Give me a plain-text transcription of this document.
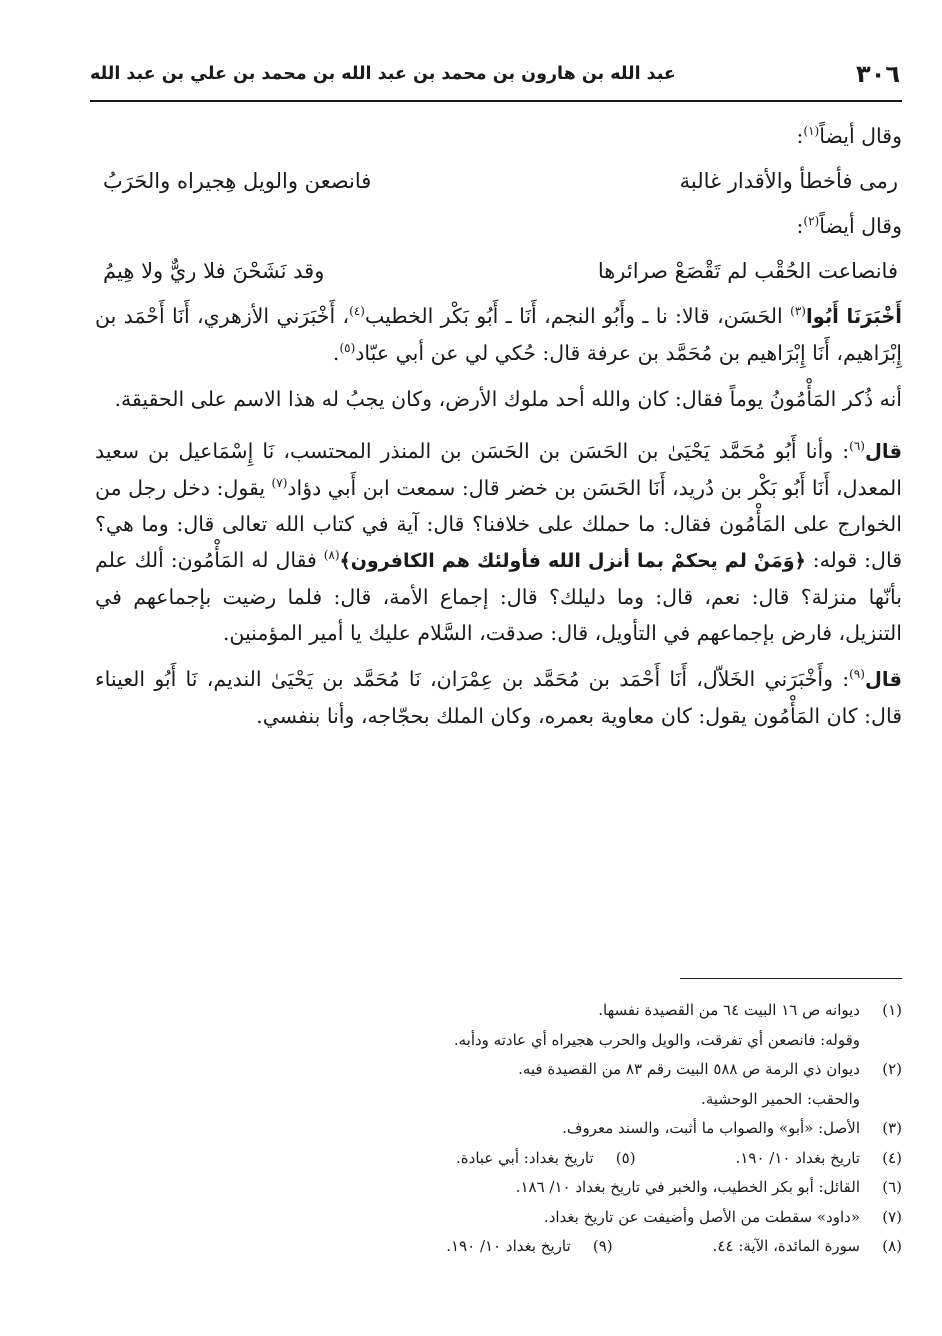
٣٠٦
عبد الله بن هارون بن محمد بن عبد الله بن محمد بن علي بن عبد الله

وقال أيضاً$^{(١)}$:

رمى فأخطأ والأقدار غالبة
فانصعن والويل هِجيراه والحَرَبُ

وقال أيضاً$^{(٢)}$:

فانصاعت الحُقْب لم تَقْصَعْ صرائرها
وقد نَشَحْنَ فلا ريٌّ ولا هِيمُ

أَخْبَرَنَا أَبُوا$^{(٣)}$ الحَسَن، قالا: نا ـ وأَبُو النجم، أَنَا ـ أَبُو بَكْر الخطيب$^{(٤)}$، أَخْبَرَني الأزهري، أَنَا أَحْمَد بن إِبْرَاهيم، أَنَا إِبْرَاهيم بن مُحَمَّد بن عرفة قال: حُكي لي عن أبي عبّاد$^{(٥)}$.

أنه ذُكر المَأْمُونُ يوماً فقال: كان والله أحد ملوك الأرض، وكان يجبُ له هذا الاسم على الحقيقة.

قال$^{(٦)}$: وأنا أَبُو مُحَمَّد يَحْيَىٰ بن الحَسَن بن الحَسَن بن المنذر المحتسب، نَا إِسْمَاعيل بن سعيد المعدل، أَنَا أَبُو بَكْر بن دُريد، أَنَا الحَسَن بن خضر قال: سمعت ابن أَبي دؤاد$^{(٧)}$ يقول: دخل رجل من الخوارج على المَأْمُون فقال: ما حملك على خلافنا؟ قال: آية في كتاب الله تعالى قال: وما هي؟ قال: قوله: ﴿وَمَنْ لم يحكمْ بما أنزل الله فأولئك هم الكافرون﴾$^{(٨)}$ فقال له المَأْمُون: ألك علم بأنّها منزلة؟ قال: نعم، قال: وما دليلك؟ قال: إجماع الأمة، قال: فلما رضيت بإجماعهم في التنزيل، فارض بإجماعهم في التأويل، قال: صدقت، السَّلام عليك يا أمير المؤمنين.

قال$^{(٩)}$: وأَخْبَرَني الخَلاّل، أَنَا أَحْمَد بن مُحَمَّد بن عِمْرَان، نَا مُحَمَّد بن يَحْيَىٰ النديم، نَا أَبُو العيناء قال: كان المَأْمُون يقول: كان معاوية بعمره، وكان الملك بحجّاجه، وأنا بنفسي.

(١)
ديوانه ص ١٦ البيت ٦٤ من القصيدة نفسها.
وقوله: فانصعن أي تفرقت، والويل والحرب هجيراه أي عادته ودأبه.
(٢)
ديوان ذي الرمة ص ٥٨٨ البيت رقم ٨٣ من القصيدة فيه.
والحقب: الحمير الوحشية.
(٣)
الأصل: «أبو» والصواب ما أثبت، والسند معروف.
(٤)
تاريخ بغداد ١٠/ ١٩٠.
(٥)
تاريخ بغداد: أبي عبادة.
(٦)
القائل: أبو بكر الخطيب، والخبر في تاريخ بغداد ١٠/ ١٨٦.
(٧)
«داود» سقطت من الأصل وأضيفت عن تاريخ بغداد.
(٨)
سورة المائدة، الآية: ٤٤.
(٩)
تاريخ بغداد ١٠/ ١٩٠.
